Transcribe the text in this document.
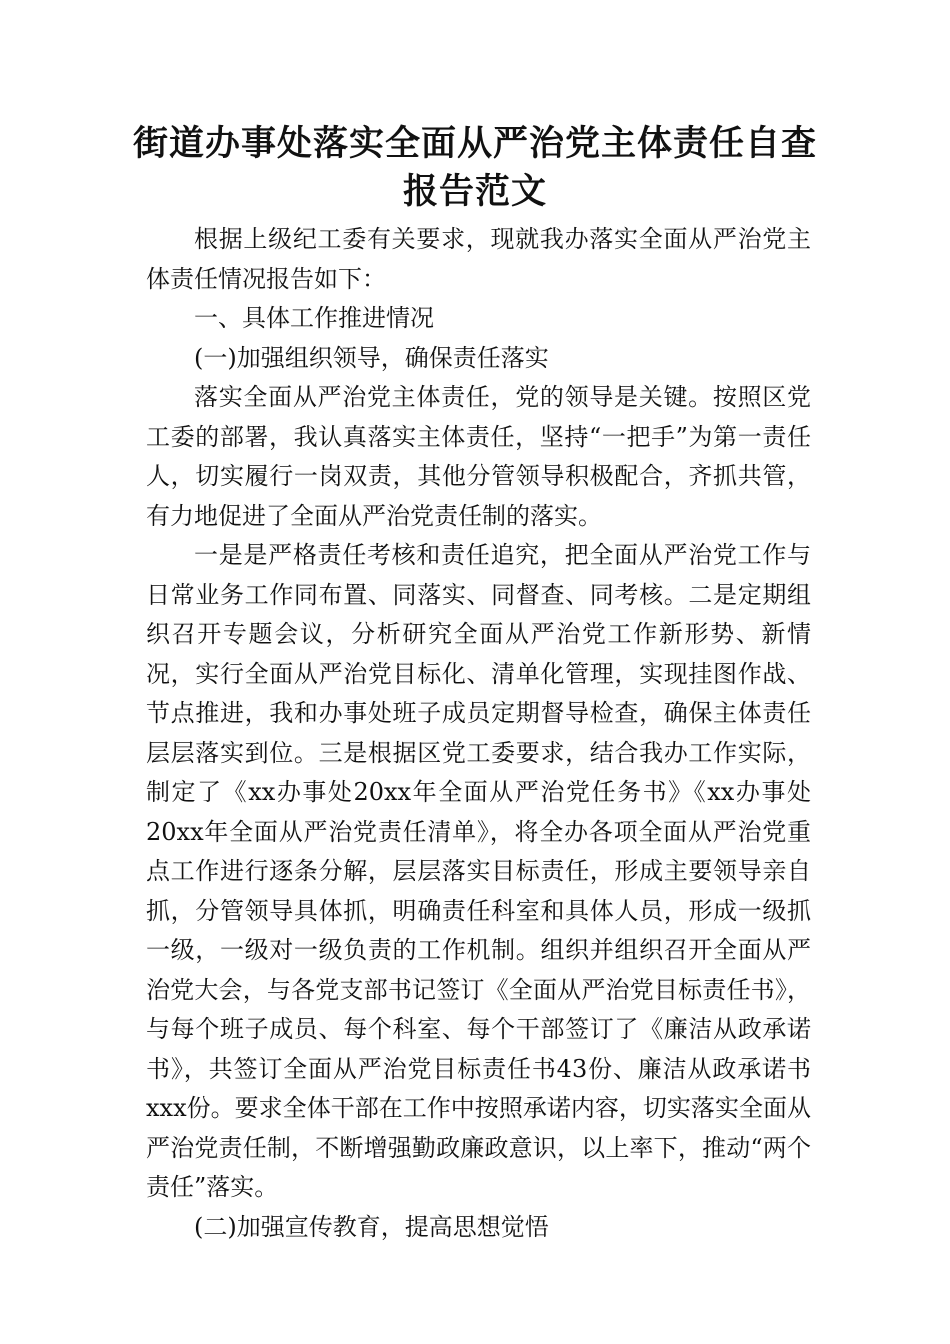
街道办事处落实全面从严治党主体责任自查
报告范文

根据上级纪工委有关要求，现就我办落实全面从严治党主体责任情况报告如下：

一、具体工作推进情况

(一)加强组织领导，确保责任落实

落实全面从严治党主体责任，党的领导是关键。按照区党工委的部署，我认真落实主体责任，坚持“一把手”为第一责任人，切实履行一岗双责，其他分管领导积极配合，齐抓共管，有力地促进了全面从严治党责任制的落实。

一是是严格责任考核和责任追究，把全面从严治党工作与日常业务工作同布置、同落实、同督查、同考核。二是定期组织召开专题会议，分析研究全面从严治党工作新形势、新情况，实行全面从严治党目标化、清单化管理，实现挂图作战、节点推进，我和办事处班子成员定期督导检查，确保主体责任层层落实到位。三是根据区党工委要求，结合我办工作实际，制定了《xx办事处20xx年全面从严治党任务书》《xx办事处20xx年全面从严治党责任清单》，将全办各项全面从严治党重点工作进行逐条分解，层层落实目标责任，形成主要领导亲自抓，分管领导具体抓，明确责任科室和具体人员，形成一级抓一级，一级对一级负责的工作机制。组织并组织召开全面从严治党大会，与各党支部书记签订《全面从严治党目标责任书》，与每个班子成员、每个科室、每个干部签订了《廉洁从政承诺书》，共签订全面从严治党目标责任书43份、廉洁从政承诺书xxx份。要求全体干部在工作中按照承诺内容，切实落实全面从严治党责任制，不断增强勤政廉政意识，以上率下，推动“两个责任”落实。

(二)加强宣传教育，提高思想觉悟
